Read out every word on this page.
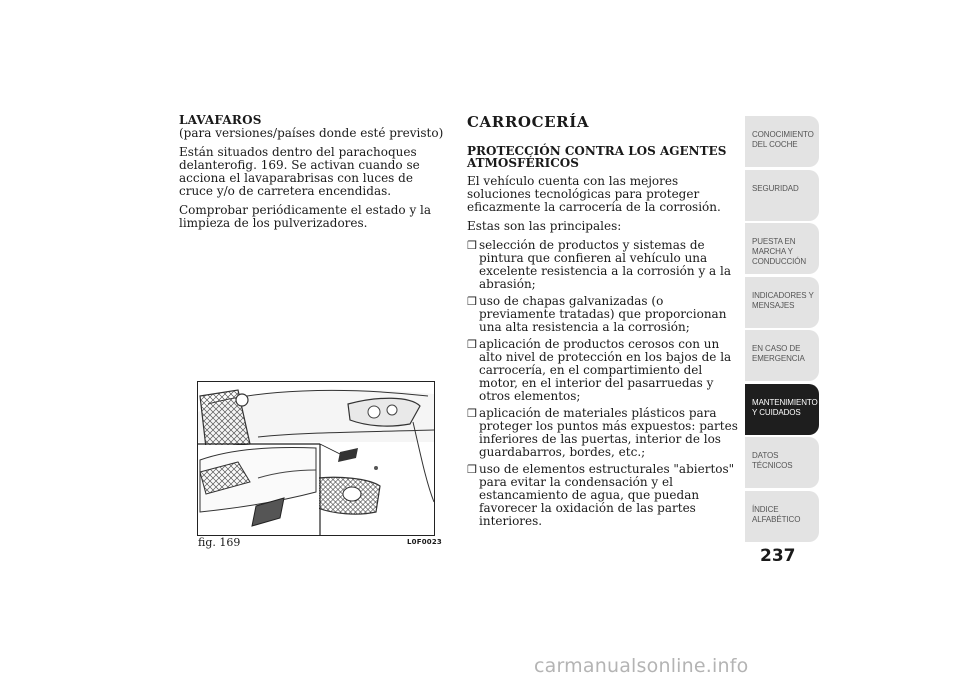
LAVAFAROS

(para versiones/países donde esté previsto)

Están situados dentro del parachoques delanterofig. 169. Se activan cuando se acciona el lavaparabrisas con luces de cruce y/o de carretera encendidas.

Comprobar periódicamente el estado y la limpieza de los pulverizadores.

fig. 169	L0F0023
CARROCERÍA
PROTECCIÓN CONTRA LOS AGENTES ATMOSFÉRICOS

El vehículo cuenta con las mejores soluciones tecnológicas para proteger eficazmente la carrocería de la corrosión.

Estas son las principales:

❒ selección de productos y sistemas de pintura que confieren al vehículo una excelente resistencia a la corrosión y a la abrasión;
❒ uso de chapas galvanizadas (o previamente tratadas) que proporcionan una alta resistencia a la corrosión;
❒ aplicación de productos cerosos con un alto nivel de protección en los bajos de la carrocería, en el compartimiento del motor, en el interior del pasarruedas y otros elementos;
❒ aplicación de materiales plásticos para proteger los puntos más expuestos: partes inferiores de las puertas, interior de los guardabarros, bordes, etc.;
❒ uso de elementos estructurales "abiertos" para evitar la condensación y el estancamiento de agua, que puedan favorecer la oxidación de las partes interiores.
CONOCIMIENTO DEL COCHE
SEGURIDAD
PUESTA EN MARCHA Y CONDUCCIÓN
INDICADORES Y MENSAJES
EN CASO DE EMERGENCIA
MANTENIMIENTO Y CUIDADOS
DATOS TÉCNICOS
ÍNDICE ALFABÉTICO
237
carmanualsonline.info
